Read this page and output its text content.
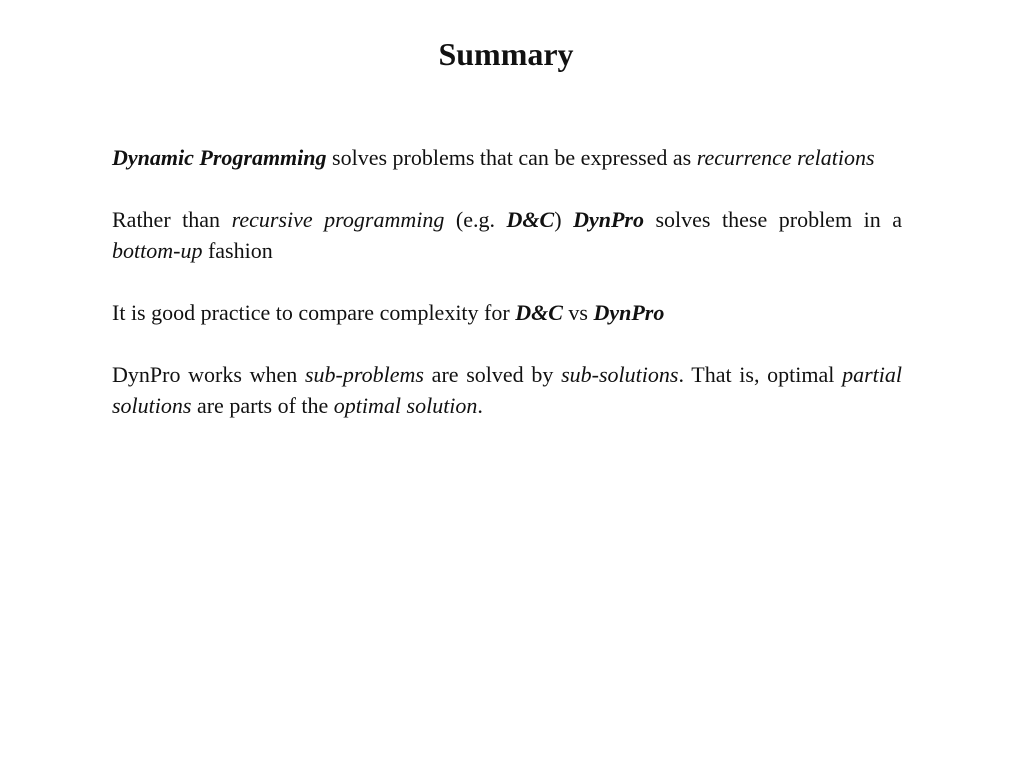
Summary

Dynamic Programming solves problems that can be expressed as recurrence relations

Rather than recursive programming (e.g. D&C) DynPro solves these problem in a bottom-up fashion

It is good practice to compare complexity for D&C vs DynPro

DynPro works when sub-problems are solved by sub-solutions. That is, optimal partial solutions are parts of the optimal solution.
